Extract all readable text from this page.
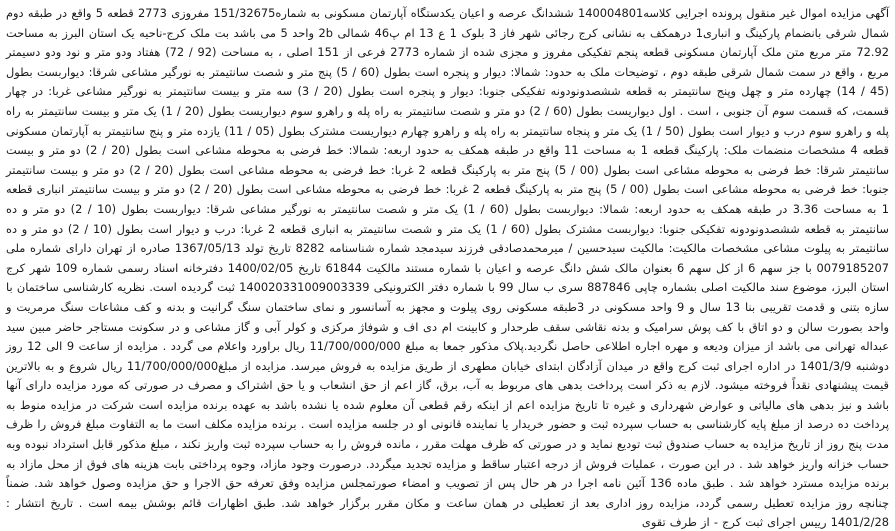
آگهی مزایده اموال غیر منقول پرونده اجرایی کلاسه140004801 ششدانگ عرصه و اعیان یکدستگاه آپارتمان مسکونی به شماره151/32675 مفروزی 2773 قطعه 5 واقع در طبقه دوم شمال شرقی بانضمام پارکینگ و انباری1 درهمکف به نشانی کرج رجائی شهر فاز 3 بلوک 1 ع 13 ام پ46 شمالی 2b واحد 5 می باشد بت ملک کرج-ناحیه یک استان البرز به مساحت 72.92 متر مربع متن ملک آپارتمان مسکونی قطعه پنجم تفکیکی مفروز و مجزی شده از شماره 2773 فرعی از 151 اصلی ، به مساحت (92 / 72) هفتاد ودو متر و نود ودو دسیمتر مربع ، واقع در سمت شمال شرقی طبقه دوم ، توضیحات ملک به حدود: شمالا: دیوار و پنجره است بطول (60 / 5) پنج متر و شصت سانتیمتر به نورگیر مشاعی شرقا: دیواربست بطول (45 / 14) چهارده متر و چهل وپنج سانتیمتر به قطعه ششصدونودونه تفکیکی جنوبا: دیوار و پنجره است بطول (20 / 3) سه متر و بیست سانتیمتر به نورگیر مشاعی غربا: در چهار قسمت، که قسمت سوم آن جنوبی ، است . اول دیواریست بطول (60 / 2) دو متر و شصت سانتیمتر به راه پله و راهرو سوم دیواریست بطول (20 / 1) یک متر و بیست سانتیمتر به راه پله و راهرو سوم درب و دیوار است بطول (50 / 1) یک متر و پنجاه سانتیمتر به راه پله و راهرو چهارم دیواریست مشترک بطول (05 / 11) یازده متر و پنج سانتیمتر به آپارتمان مسکونی قطعه 4 مشخصات منضمات ملک: پارکینگ قطعه 1 به مساحت 11 واقع در طبقه همکف به حدود اربعه: شمالا: خط فرضی به محوطه مشاعی است بطول (20 / 2) دو متر و بیست سانتیمتر شرقا: خط فرضی به محوطه مشاعی است بطول (00 / 5) پنج متر به پارکینگ قطعه 2 غربا: خط فرضی به محوطه مشاعی است بطول (20 / 2) دو متر و بیست سانتیمتر جنوبا: خط فرضی به محوطه مشاعی است بطول (00 / 5) پنج متر به پارکینگ قطعه 2 غربا: خط فرضی به محوطه مشاعی است بطول (20 / 2) دو متر و بیست سانتیمتر انباری قطعه 1 به مساحت 3.36 در طبقه همکف به حدود اربعه: شمالا: دیواربست بطول (60 / 1) یک متر و شصت سانتیمتر به نورگیر مشاعی شرقا: دیواربست بطول (10 / 2) دو متر و ده سانتیمتر به قطعه ششصدونودونه تفکیکی جنوبا: دیواربست مشترک بطول (60 / 1) یک متر و شصت سانتیمتر به انباری قطعه 2 غربا: درب و دیوار است بطول (10 / 2) دو متر و ده سانتیمتر به پیلوت مشاعی مشخصات مالکیت: مالکیت سیدحسین / میرمحمدصادقی فرزند سیدمجد شماره شناسنامه 8282 تاریخ تولد 1367/05/13 صادره از تهران دارای شماره ملی 0079185207 با جز سهم 6 از کل سهم 6 بعنوان مالک شش دانگ عرصه و اعیان با شماره مستند مالکیت 61844 تاریخ 1400/02/05 دفترخانه اسناد رسمی شماره 109 شهر کرج استان البرز، موضوع سند مالکیت اصلی بشماره چاپی 887846 سری ب سال 99 با شماره دفتر الکترونیکی 140020331009003339 ثبت گردیده است. نظریه کارشناسی ساختمان با سازه بتنی و قدمت تقریبی بنا 13 سال و 9 واحد مسکونی در 3طبقه مسکونی روی پیلوت و مجهز به آسانسور و نمای ساختمان سنگ گرانیت و بدنه و کف مشاعات سنگ مرمریت و واحد بصورت سالن و دو اتاق با کف پوش سرامیک و بدنه نقاشی سقف طرحدار و کابینت ام دی اف و شوفاژ مرکزی و کولر آبی و گاز مشاعی و در سکونت مستاجر حاضر مبین سید عبداله تهرانی می باشد از میزان ودیعه و مهره اجاره اطلاعی حاصل نگردید.پلاک مذکور جمعا به مبلغ 11/700/000/000 ریال براورد واعلام می گردد . مزایده از ساعت 9 الی 12 روز دوشنبه 1401/3/9 در اداره اجرای ثبت کرج واقع در میدان آزادگان ابتدای خیابان مطهری از طریق مزایده به فروش میرسد. مزایده از مبلغ11/700/000/000 ریال شروع و به بالاترین قیمت پیشنهادی نقداً فروخته میشود. لازم به ذکر است پرداخت بدهی های مربوط به آب، برق، گاز اعم از حق انشعاب و یا حق اشتراک و مصرف در صورتی که مورد مزایده دارای آنها باشد و نیز بدهی های مالیاتی و عوارض شهرداری و غیره تا تاریخ مزایده اعم از اینکه رقم قطعی آن معلوم شده یا نشده باشد به عهده برنده مزایده است شرکت در مزایده منوط به پرداخت ده درصد از مبلغ پایه کارشناسی به حساب سپرده ثبت و حضور خریدار یا نماینده قانونی او در جلسه مزایده است . برنده مزایده مکلف است ما به التفاوت مبلغ فروش را ظرف مدت پنج روز از تاریخ مزایده به حساب صندوق ثبت تودیع نماید و در صورتی که ظرف مهلت مقرر ، مانده فروش را به حساب سپرده ثبت واریز نکند ، مبلغ مذکور قابل استرداد نبوده وبه حساب خزانه واریز خواهد شد . در این صورت ، عملیات فروش از درجه اعتبار ساقط و مزایده تجدید میگردد. درصورت وجود مازاد، وجوه پرداختی بابت هزینه های فوق از محل مازاد به برنده مزایده مسترد خواهد شد . طبق ماده 136 آئین نامه اجرا در هر حال پس از تصویب و امضاء صورتمجلس مزایده وفق تعرفه حق الاجرا و حق مزایده وصول خواهد شد. ضمناً چنانچه روز مزایده تعطیل رسمی گردد، مزایده روز اداری بعد از تعطیلی در همان ساعت و مکان مقرر برگزار خواهد شد. طبق اظهارات قائم بوشش بیمه است . تاریخ انتشار : 1401/2/28 رییس اجرای ثبت کرج - از طرف تقوی
